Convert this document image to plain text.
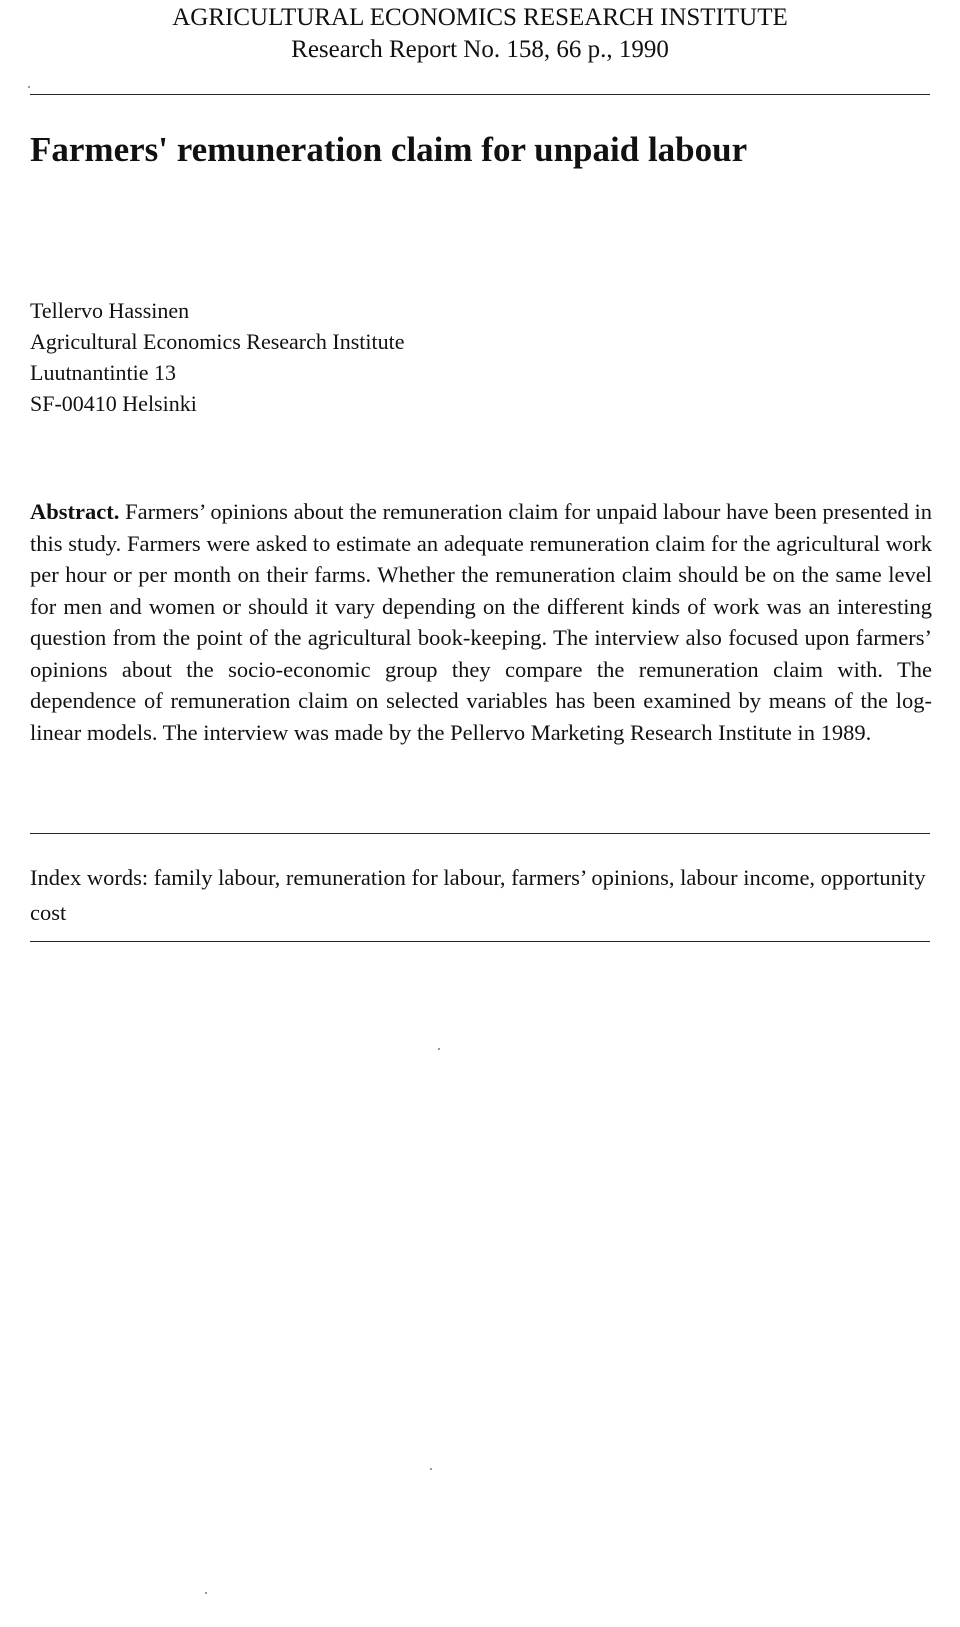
AGRICULTURAL ECONOMICS RESEARCH INSTITUTE
Research Report No. 158, 66 p., 1990
Farmers' remuneration claim for unpaid labour
Tellervo Hassinen
Agricultural Economics Research Institute
Luutnantintie 13
SF-00410 Helsinki

Abstract. Farmers’ opinions about the remuneration claim for unpaid labour have been presented in this study. Farmers were asked to estimate an adequate remuneration claim for the agricultural work per hour or per month on their farms. Whether the remuneration claim should be on the same level for men and women or should it vary depending on the different kinds of work was an interesting question from the point of the agricultural book-keeping. The interview also focused upon farmers’ opinions about the socio-economic group they compare the remuneration claim with. The dependence of remuneration claim on selected variables has been examined by means of the log-linear models. The interview was made by the Pellervo Marketing Research Institute in 1989.

Index words: family labour, remuneration for labour, farmers’ opinions, labour income, opportunity cost
